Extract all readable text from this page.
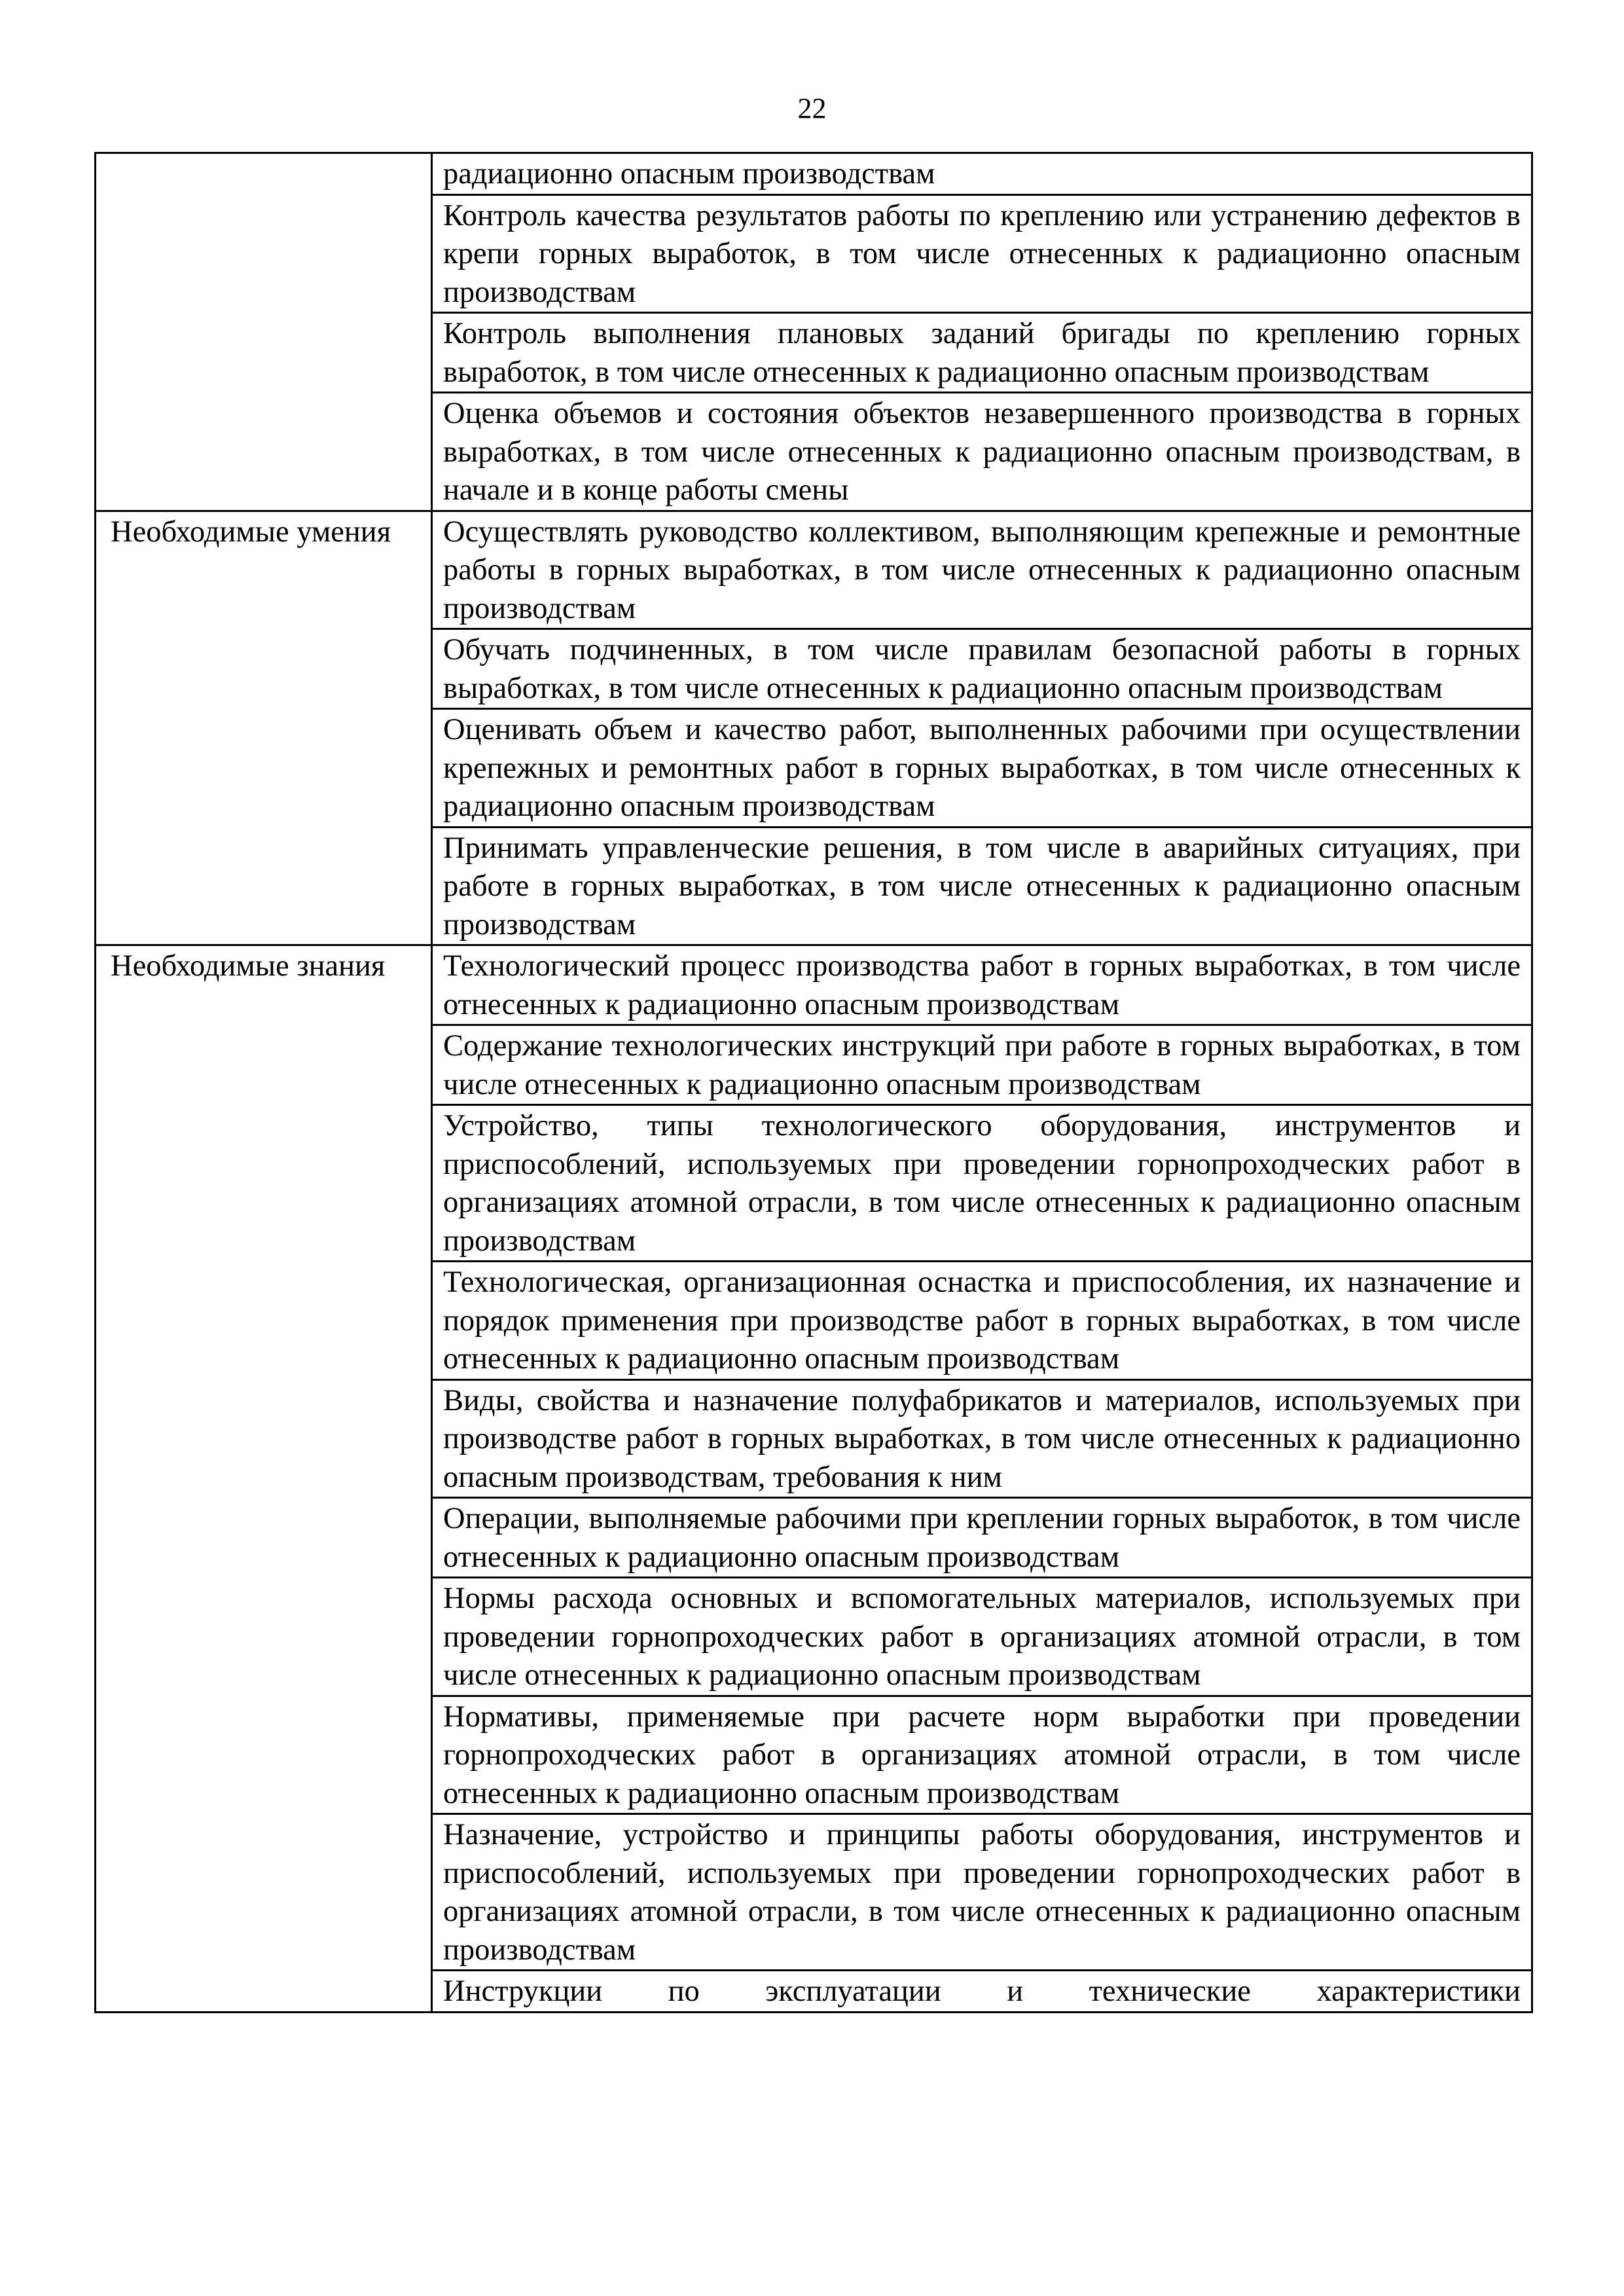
22
	радиационно опасным производствам
	Контроль качества результатов работы по креплению или устранению дефектов в крепи горных выработок, в том числе отнесенных к радиационно опасным производствам
	Контроль выполнения плановых заданий бригады по креплению горных выработок, в том числе отнесенных к радиационно опасным производствам
	Оценка объемов и состояния объектов незавершенного производства в горных выработках, в том числе отнесенных к радиационно опасным производствам, в начале и в конце работы смены
Необходимые умения	Осуществлять руководство коллективом, выполняющим крепежные и ремонтные работы в горных выработках, в том числе отнесенных к радиационно опасным производствам
	Обучать подчиненных, в том числе правилам безопасной работы в горных выработках, в том числе отнесенных к радиационно опасным производствам
	Оценивать объем и качество работ, выполненных рабочими при осуществлении крепежных и ремонтных работ в горных выработках, в том числе отнесенных к радиационно опасным производствам
	Принимать управленческие решения, в том числе в аварийных ситуациях, при работе в горных выработках, в том числе отнесенных к радиационно опасным производствам
Необходимые знания	Технологический процесс производства работ в горных выработках, в том числе отнесенных к радиационно опасным производствам
	Содержание технологических инструкций при работе в горных выработках, в том числе отнесенных к радиационно опасным производствам
	Устройство, типы технологического оборудования, инструментов и приспособлений, используемых при проведении горнопроходческих работ в организациях атомной отрасли, в том числе отнесенных к радиационно опасным производствам
	Технологическая, организационная оснастка и приспособления, их назначение и порядок применения при производстве работ в горных выработках, в том числе отнесенных к радиационно опасным производствам
	Виды, свойства и назначение полуфабрикатов и материалов, используемых при производстве работ в горных выработках, в том числе отнесенных к радиационно опасным производствам, требования к ним
	Операции, выполняемые рабочими при креплении горных выработок, в том числе отнесенных к радиационно опасным производствам
	Нормы расхода основных и вспомогательных материалов, используемых при проведении горнопроходческих работ в организациях атомной отрасли, в том числе отнесенных к радиационно опасным производствам
	Нормативы, применяемые при расчете норм выработки при проведении горнопроходческих работ в организациях атомной отрасли, в том числе отнесенных к радиационно опасным производствам
	Назначение, устройство и принципы работы оборудования, инструментов и приспособлений, используемых при проведении горнопроходческих работ в организациях атомной отрасли, в том числе отнесенных к радиационно опасным производствам
	Инструкции по эксплуатации и технические характеристики
